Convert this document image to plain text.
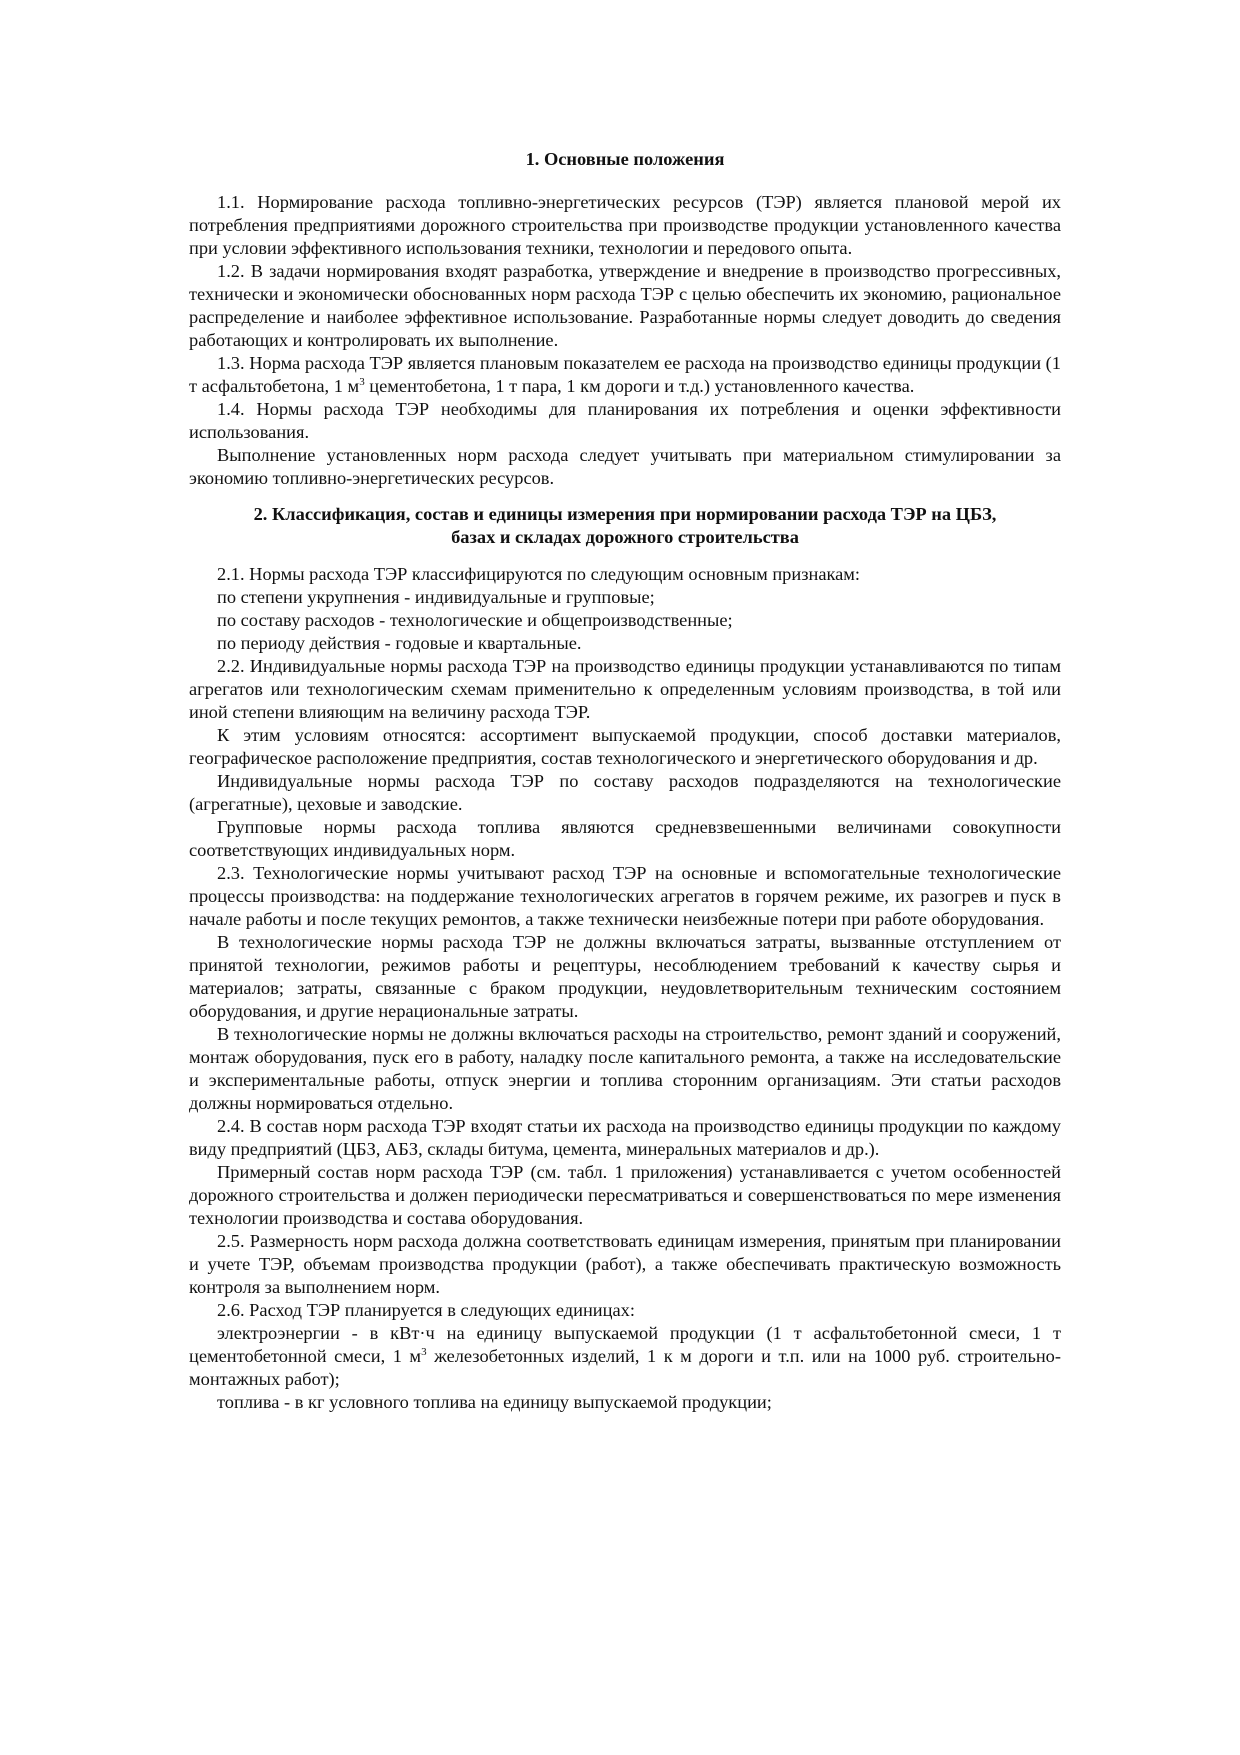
1. Основные положения

1.1. Нормирование расхода топливно-энергетических ресурсов (ТЭР) является плановой мерой их потребления предприятиями дорожного строительства при производстве продукции установленного качества при условии эффективного использования техники, технологии и передового опыта.

1.2. В задачи нормирования входят разработка, утверждение и внедрение в производство прогрессивных, технически и экономически обоснованных норм расхода ТЭР с целью обеспечить их экономию, рациональное распределение и наиболее эффективное использование. Разработанные нормы следует доводить до сведения работающих и контролировать их выполнение.

1.3. Норма расхода ТЭР является плановым показателем ее расхода на производство единицы продукции (1 т асфальтобетона, 1 $м^3$ цементобетона, 1 т пара, 1 км дороги и т.д.) установленного качества.

1.4. Нормы расхода ТЭР необходимы для планирования их потребления и оценки эффективности использования.

Выполнение установленных норм расхода следует учитывать при материальном стимулировании за экономию топливно-энергетических ресурсов.

2. Классификация, состав и единицы измерения при нормировании расхода ТЭР на ЦБЗ,
базах и складах дорожного строительства

2.1. Нормы расхода ТЭР классифицируются по следующим основным признакам:

по степени укрупнения - индивидуальные и групповые;

по составу расходов - технологические и общепроизводственные;

по периоду действия - годовые и квартальные.

2.2. Индивидуальные нормы расхода ТЭР на производство единицы продукции устанавливаются по типам агрегатов или технологическим схемам применительно к определенным условиям производства, в той или иной степени влияющим на величину расхода ТЭР.

К этим условиям относятся: ассортимент выпускаемой продукции, способ доставки материалов, географическое расположение предприятия, состав технологического и энергетического оборудования и др.

Индивидуальные нормы расхода ТЭР по составу расходов подразделяются на технологические (агрегатные), цеховые и заводские.

Групповые нормы расхода топлива являются средневзвешенными величинами совокупности соответствующих индивидуальных норм.

2.3. Технологические нормы учитывают расход ТЭР на основные и вспомогательные технологические процессы производства: на поддержание технологических агрегатов в горячем режиме, их разогрев и пуск в начале работы и после текущих ремонтов, а также технически неизбежные потери при работе оборудования.

В технологические нормы расхода ТЭР не должны включаться затраты, вызванные отступлением от принятой технологии, режимов работы и рецептуры, несоблюдением требований к качеству сырья и материалов; затраты, связанные с браком продукции, неудовлетворительным техническим состоянием оборудования, и другие нерациональные затраты.

В технологические нормы не должны включаться расходы на строительство, ремонт зданий и сооружений, монтаж оборудования, пуск его в работу, наладку после капитального ремонта, а также на исследовательские и экспериментальные работы, отпуск энергии и топлива сторонним организациям. Эти статьи расходов должны нормироваться отдельно.

2.4. В состав норм расхода ТЭР входят статьи их расхода на производство единицы продукции по каждому виду предприятий (ЦБЗ, АБЗ, склады битума, цемента, минеральных материалов и др.).

Примерный состав норм расхода ТЭР (см. табл. 1 приложения) устанавливается с учетом особенностей дорожного строительства и должен периодически пересматриваться и совершенствоваться по мере изменения технологии производства и состава оборудования.

2.5. Размерность норм расхода должна соответствовать единицам измерения, принятым при планировании и учете ТЭР, объемам производства продукции (работ), а также обеспечивать практическую возможность контроля за выполнением норм.

2.6. Расход ТЭР планируется в следующих единицах:

электроэнергии - в кВт·ч на единицу выпускаемой продукции (1 т асфальтобетонной смеси, 1 т цементобетонной смеси, 1 $м^3$ железобетонных изделий, 1 к м дороги и т.п. или на 1000 руб. строительно-монтажных работ);

топлива - в кг условного топлива на единицу выпускаемой продукции;
